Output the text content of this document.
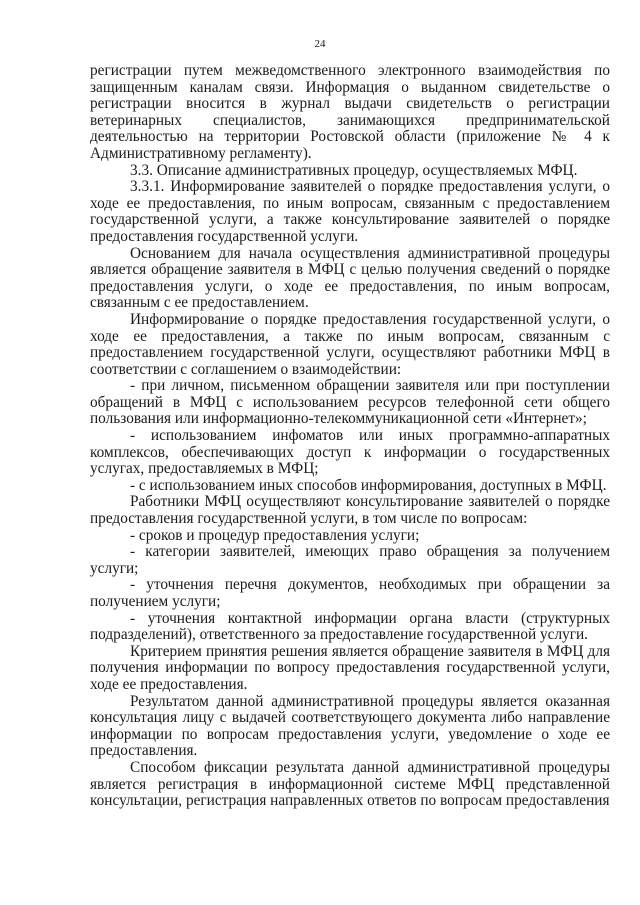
24

регистрации путем межведомственного электронного взаимодействия по защищенным каналам связи. Информация о выданном свидетельстве о регистрации вносится в журнал выдачи свидетельств о регистрации ветеринарных специалистов, занимающихся предпринимательской деятельностью на территории Ростовской области (приложение № 4 к Административному регламенту).

3.3. Описание административных процедур, осуществляемых МФЦ.

3.3.1. Информирование заявителей о порядке предоставления услуги, о ходе ее предоставления, по иным вопросам, связанным с предоставлением государственной услуги, а также консультирование заявителей о порядке предоставления государственной услуги.

Основанием для начала осуществления административной процедуры является обращение заявителя в МФЦ с целью получения сведений о порядке предоставления услуги, о ходе ее предоставления, по иным вопросам, связанным с ее предоставлением.

Информирование о порядке предоставления государственной услуги, о ходе ее предоставления, а также по иным вопросам, связанным с предоставлением государственной услуги, осуществляют работники МФЦ в соответствии с соглашением о взаимодействии:

- при личном, письменном обращении заявителя или при поступлении обращений в МФЦ с использованием ресурсов телефонной сети общего пользования или информационно-телекоммуникационной сети «Интернет»;

- использованием инфоматов или иных программно-аппаратных комплексов, обеспечивающих доступ к информации о государственных услугах, предоставляемых в МФЦ;

- с использованием иных способов информирования, доступных в МФЦ.

Работники МФЦ осуществляют консультирование заявителей о порядке предоставления государственной услуги, в том числе по вопросам:

- сроков и процедур предоставления услуги;

- категории заявителей, имеющих право обращения за получением услуги;

- уточнения перечня документов, необходимых при обращении за получением услуги;

- уточнения контактной информации органа власти (структурных подразделений), ответственного за предоставление государственной услуги.

Критерием принятия решения является обращение заявителя в МФЦ для получения информации по вопросу предоставления государственной услуги, ходе ее предоставления.

Результатом данной административной процедуры является оказанная консультация лицу с выдачей соответствующего документа либо направление информации по вопросам предоставления услуги, уведомление о ходе ее предоставления.

Способом фиксации результата данной административной процедуры является регистрация в информационной системе МФЦ представленной консультации, регистрация направленных ответов по вопросам предоставления
